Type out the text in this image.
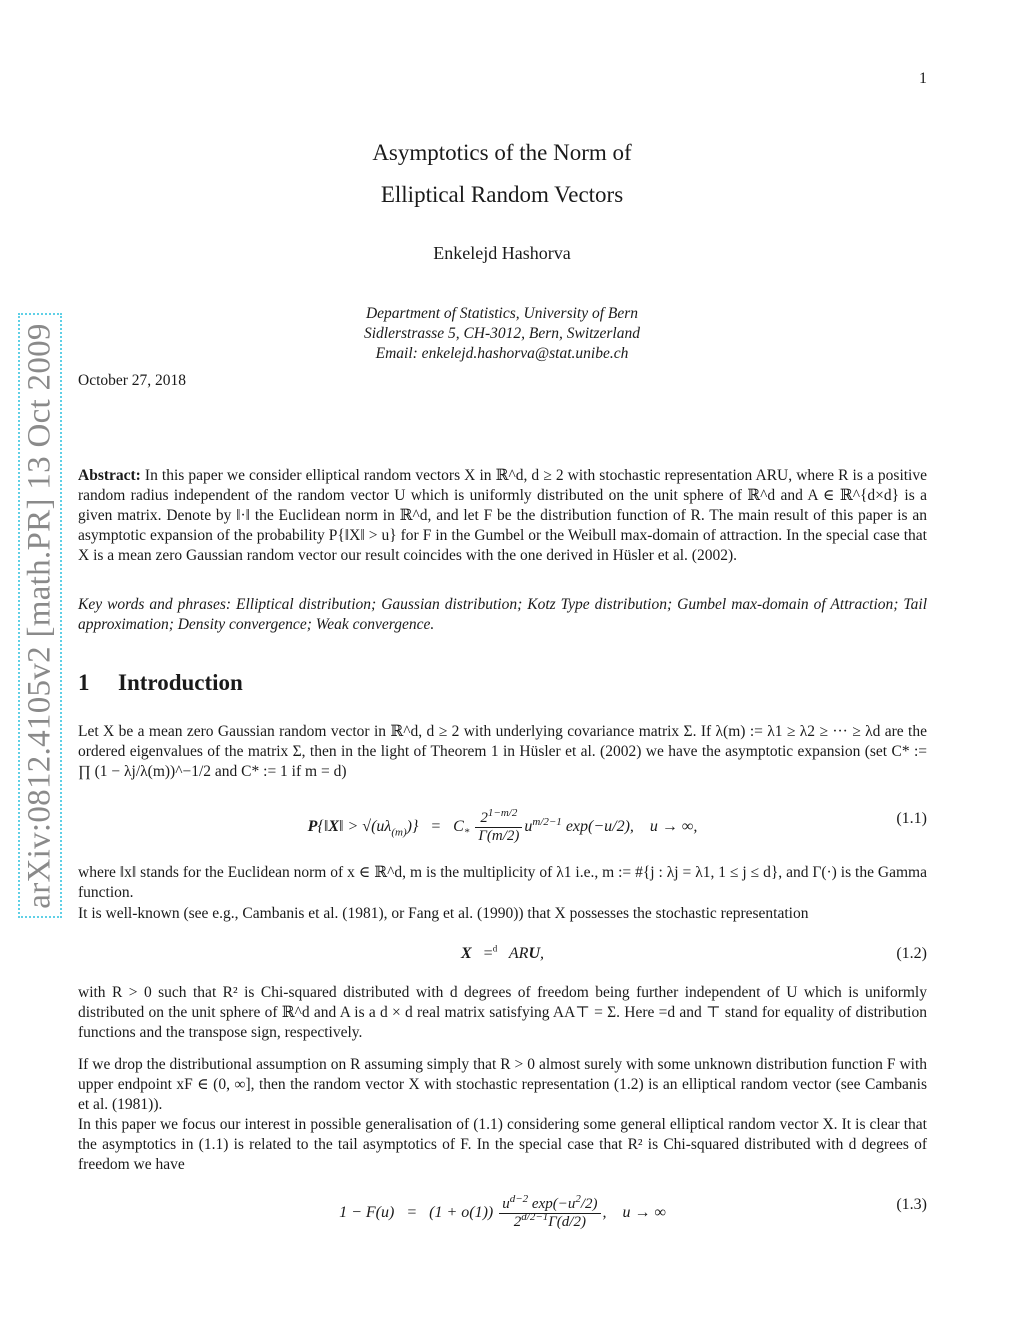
1
Asymptotics of the Norm of
Elliptical Random Vectors
Enkelejd Hashorva
Department of Statistics, University of Bern
Sidlerstrasse 5, CH-3012, Bern, Switzerland
Email: enkelejd.hashorva@stat.unibe.ch
October 27, 2018
arXiv:0812.4105v2 [math.PR] 13 Oct 2009 Abstract: In this paper we consider elliptical random vectors X in ℝ^d, d ≥ 2 with stochastic representation ARU, where R is a positive random radius independent of the random vector U which is uniformly distributed on the unit sphere of ℝ^d and A ∈ ℝ^{d×d} is a given matrix. Denote by ‖·‖ the Euclidean norm in ℝ^d, and let F be the distribution function of R. The main result of this paper is an asymptotic expansion of the probability P{‖X‖ > u} for F in the Gumbel or the Weibull max-domain of attraction. In the special case that X is a mean zero Gaussian random vector our result coincides with the one derived in Hüsler et al. (2002).
Key words and phrases: Elliptical distribution; Gaussian distribution; Kotz Type distribution; Gumbel max-domain of Attraction; Tail approximation; Density convergence; Weak convergence.
1 Introduction
Let X be a mean zero Gaussian random vector in ℝ^d, d ≥ 2 with underlying covariance matrix Σ. If λ(m) := λ1 ≥ λ2 ≥ ··· ≥ λd are the ordered eigenvalues of the matrix Σ, then in the light of Theorem 1 in Hüsler et al. (2002) we have the asymptotic expansion (set C* := ∏ (1 − λj/λ(m))^−1/2 and C* := 1 if m = d)
P{‖X‖ > $√(u\lambda_{(m)})\} = C_* \frac{2^{1-m/2}}{\Gamma(m/2)} u^{m/2-1}$ exp(−u/2),    u → ∞,	(1.1)
where ‖x‖ stands for the Euclidean norm of x ∈ ℝ^d, m is the multiplicity of λ1 i.e., m := #{j : λj = λ1, 1 ≤ j ≤ d}, and Γ(·) is the Gamma function.
It is well-known (see e.g., Cambanis et al. (1981), or Fang et al. (1990)) that X possesses the stochastic representation
X =$^d$ ARU,	(1.2)
with R > 0 such that R² is Chi-squared distributed with d degrees of freedom being further independent of U which is uniformly distributed on the unit sphere of ℝ^d and A is a d × d real matrix satisfying AA⊤ = Σ. Here =d and ⊤ stand for equality of distribution functions and the transpose sign, respectively.
If we drop the distributional assumption on R assuming simply that R > 0 almost surely with some unknown distribution function F with upper endpoint xF ∈ (0, ∞], then the random vector X with stochastic representation (1.2) is an elliptical random vector (see Cambanis et al. (1981)).
In this paper we focus our interest in possible generalisation of (1.1) considering some general elliptical random vector X. It is clear that the asymptotics in (1.1) is related to the tail asymptotics of F. In the special case that R² is Chi-squared distributed with d degrees of freedom we have
$1 - F(u) = (1 + o(1)) \frac{u^{d-2} \exp(-u^2/2)}{2^{d/2-1}\Gamma(d/2)}$ ,    u → ∞	(1.3)
